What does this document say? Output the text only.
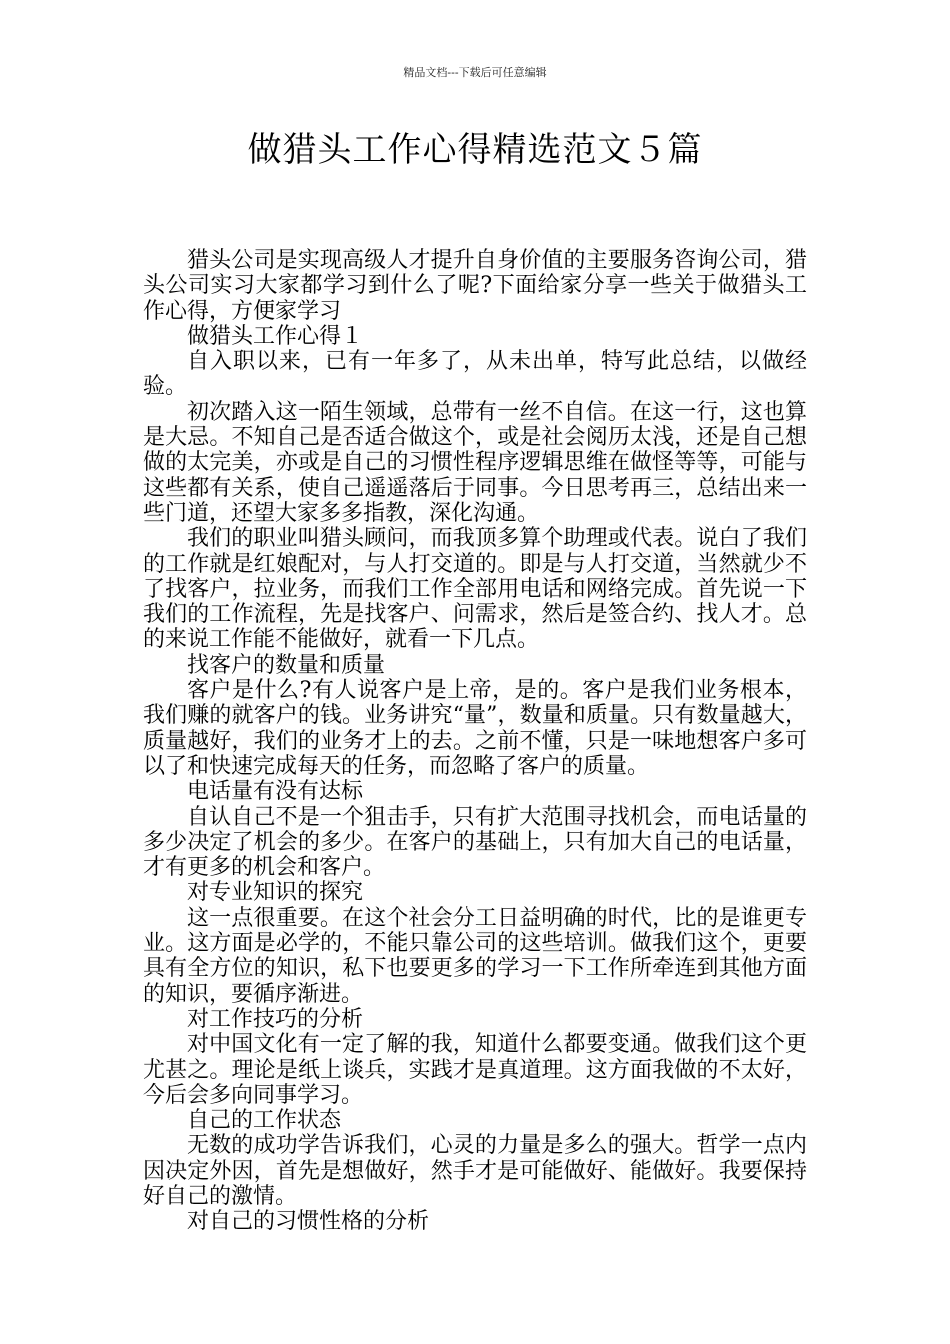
精品文档---下载后可任意编辑
做猎头工作心得精选范文５篇

猎头公司是实现高级人才提升自身价值的主要服务咨询公司，猎头公司实习大家都学习到什么了呢?下面给家分享一些关于做猎头工作心得，方便家学习

做猎头工作心得１

自入职以来，已有一年多了，从未出单，特写此总结，以做经验。

初次踏入这一陌生领域，总带有一丝不自信。在这一行，这也算是大忌。不知自己是否适合做这个，或是社会阅历太浅，还是自己想做的太完美，亦或是自己的习惯性程序逻辑思维在做怪等等，可能与这些都有关系，使自己遥遥落后于同事。今日思考再三，总结出来一些门道，还望大家多多指教，深化沟通。

我们的职业叫猎头顾问，而我顶多算个助理或代表。说白了我们的工作就是红娘配对，与人打交道的。即是与人打交道，当然就少不了找客户，拉业务，而我们工作全部用电话和网络完成。首先说一下我们的工作流程，先是找客户、问需求，然后是签合约、找人才。总的来说工作能不能做好，就看一下几点。

找客户的数量和质量

客户是什么?有人说客户是上帝，是的。客户是我们业务根本，我们赚的就客户的钱。业务讲究“量”，数量和质量。只有数量越大，质量越好，我们的业务才上的去。之前不懂，只是一味地想客户多可以了和快速完成每天的任务，而忽略了客户的质量。

电话量有没有达标

自认自己不是一个狙击手，只有扩大范围寻找机会，而电话量的多少决定了机会的多少。在客户的基础上，只有加大自己的电话量，才有更多的机会和客户。

对专业知识的探究

这一点很重要。在这个社会分工日益明确的时代，比的是谁更专业。这方面是必学的，不能只靠公司的这些培训。做我们这个，更要具有全方位的知识，私下也要更多的学习一下工作所牵连到其他方面的知识，要循序渐进。

对工作技巧的分析

对中国文化有一定了解的我，知道什么都要变通。做我们这个更尤甚之。理论是纸上谈兵，实践才是真道理。这方面我做的不太好，今后会多向同事学习。

自己的工作状态

无数的成功学告诉我们，心灵的力量是多么的强大。哲学一点内因决定外因，首先是想做好，然手才是可能做好、能做好。我要保持好自己的激情。

对自己的习惯性格的分析
